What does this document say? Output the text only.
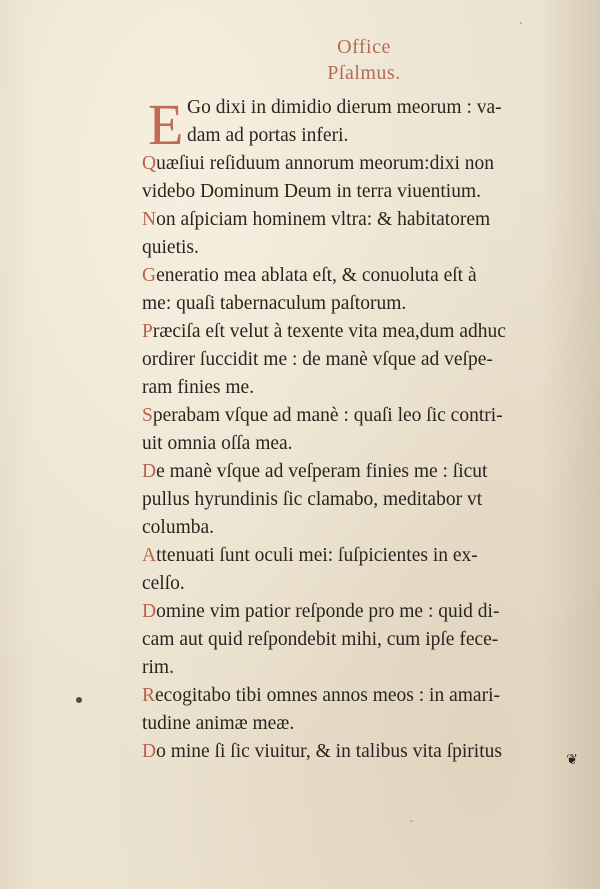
Office
Pſalmus.
E Go dixi in dimidio dierum meorum : va-
dam ad portas inferi.
Quæſiui reſiduum annorum meorum:dixi non
videbo Dominum Deum in terra viuentium.
Non aſpiciam hominem vltra: & habitatorem
quietis.
Generatio mea ablata eſt, & conuoluta eſt à
me: quaſi tabernaculum paſtorum.
Præciſa eſt velut à texente vita mea,dum adhuc
ordirer ſuccidit me : de manè vſque ad veſpe-
ram finies me.
Sperabam vſque ad manè : quaſi leo ſic contri-
uit omnia oſſa mea.
De manè vſque ad veſperam finies me : ſicut
pullus hyrundinis ſic clamabo, meditabor vt
columba.
Attenuati ſunt oculi mei: ſuſpicientes in ex-
celſo.
Domine vim patior reſponde pro me : quid di-
cam aut quid reſpondebit mihi, cum ipſe fece-
rim.
Recogitabo tibi omnes annos meos : in amari-
tudine animæ meæ.
Do mine ſi ſic viuitur, & in talibus vita ſpiritus	❦
